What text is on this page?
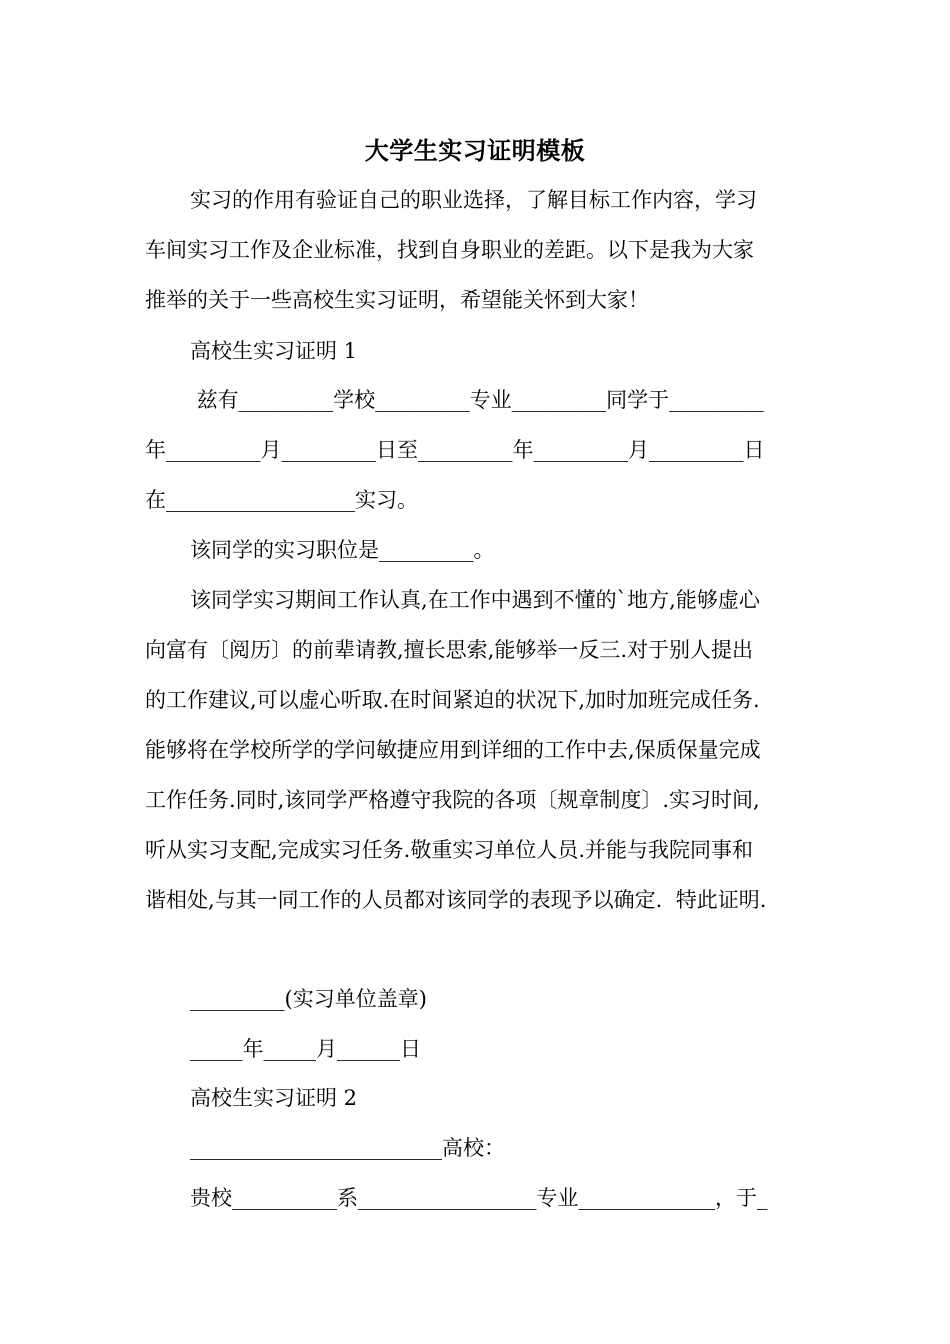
大学生实习证明模板
实习的作用有验证自己的职业选择，了解目标工作内容，学习
车间实习工作及企业标准，找到自身职业的差距。以下是我为大家
推举的关于一些高校生实习证明，希望能关怀到大家！
高校生实习证明 1
兹有_________学校_________专业_________同学于_________
年_________月_________日至_________年_________月_________日
在__________________实习。
该同学的实习职位是_________。
该同学实习期间工作认真,在工作中遇到不懂的`地方,能够虚心
向富有〔阅历〕的前辈请教,擅长思索,能够举一反三.对于别人提出
的工作建议,可以虚心听取.在时间紧迫的状况下,加时加班完成任务.
能够将在学校所学的学问敏捷应用到详细的工作中去,保质保量完成
工作任务.同时,该同学严格遵守我院的各项〔规章制度〕.实习时间,
听从实习支配,完成实习任务.敬重实习单位人员.并能与我院同事和
谐相处,与其一同工作的人员都对该同学的表现予以确定.  特此证明.
_________(实习单位盖章)
_____年_____月______日
高校生实习证明 2
________________________高校：
贵校__________系_________________专业_____________，于_
